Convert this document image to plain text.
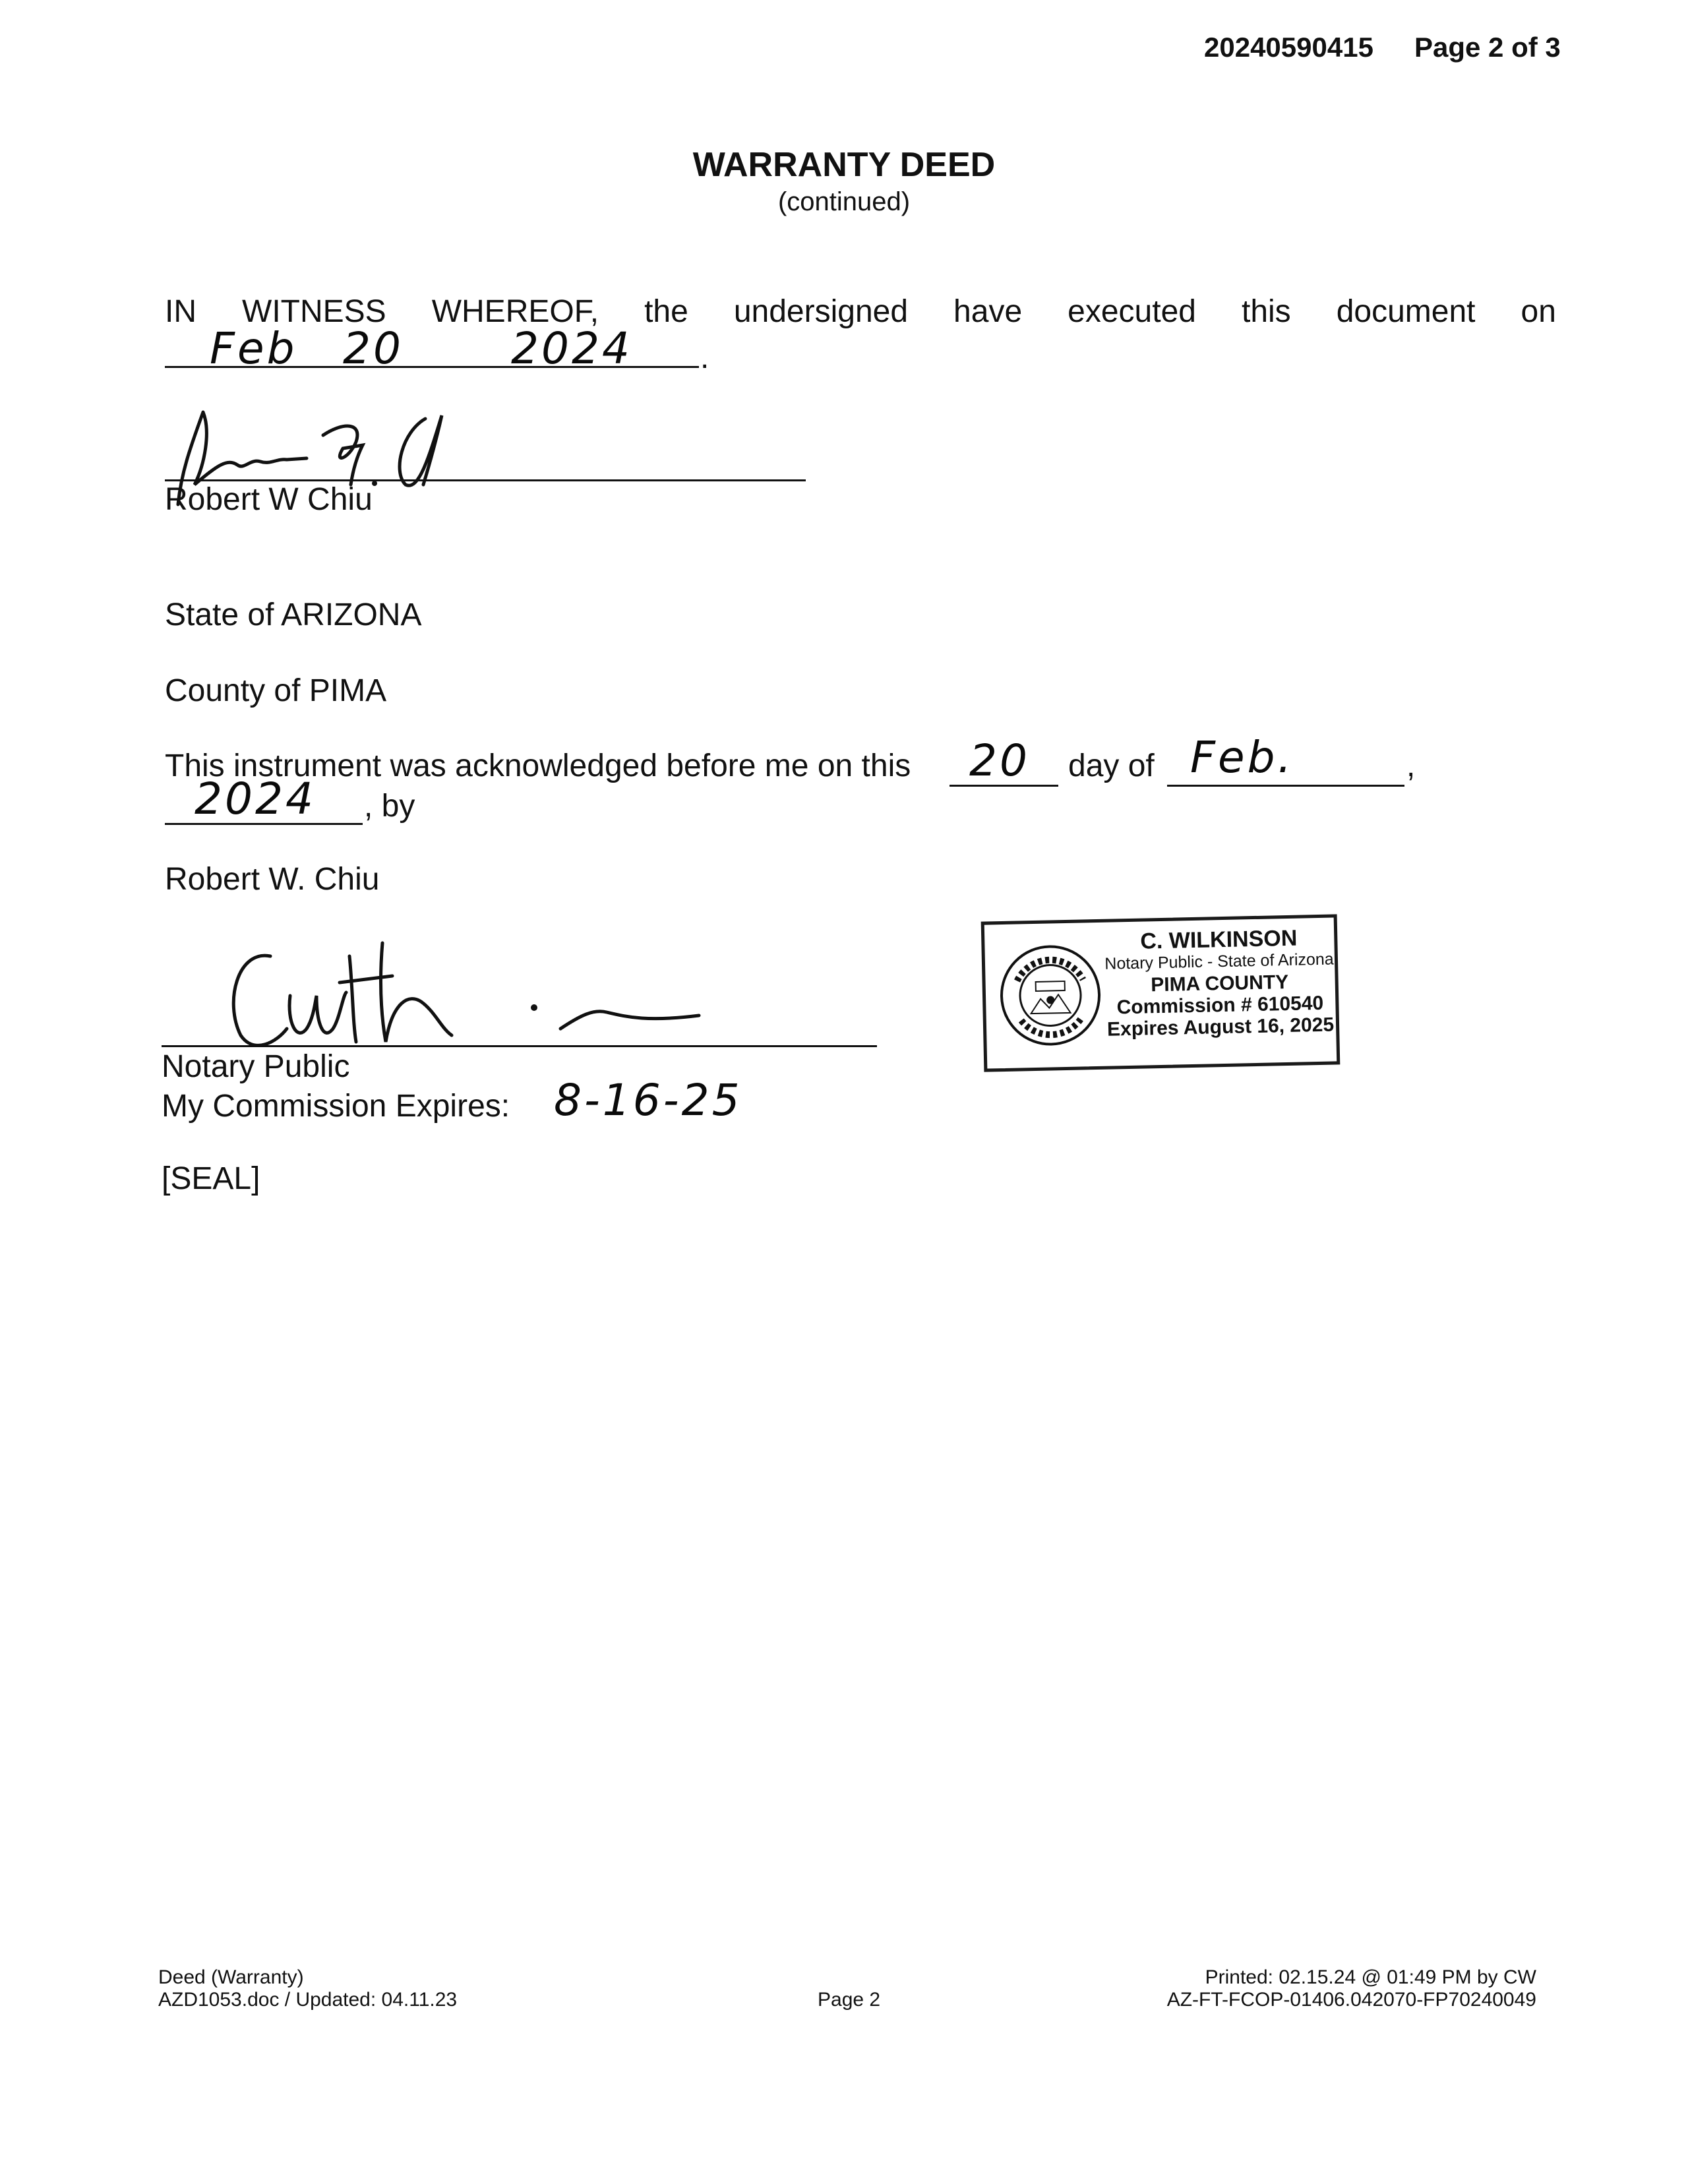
20240590415 Page 2 of 3
WARRANTY DEED
(continued)
IN WITNESS WHEREOF, the undersigned have executed this document on
Feb 20 2024 .
Robert W Chiu
State of ARIZONA
County of PIMA
This instrument was acknowledged before me on this 20 day of Feb.	,
2024 , by
Robert W. Chiu
Notary Public
My Commission Expires: 8-16-25
[SEAL]
C. WILKINSON
Notary Public - State of Arizona
PIMA COUNTY
Commission # 610540
Expires August 16, 2025
Deed (Warranty)
AZD1053.doc / Updated: 04.11.23	Page 2
Printed: 02.15.24 @ 01:49 PM by CW
AZ-FT-FCOP-01406.042070-FP70240049
